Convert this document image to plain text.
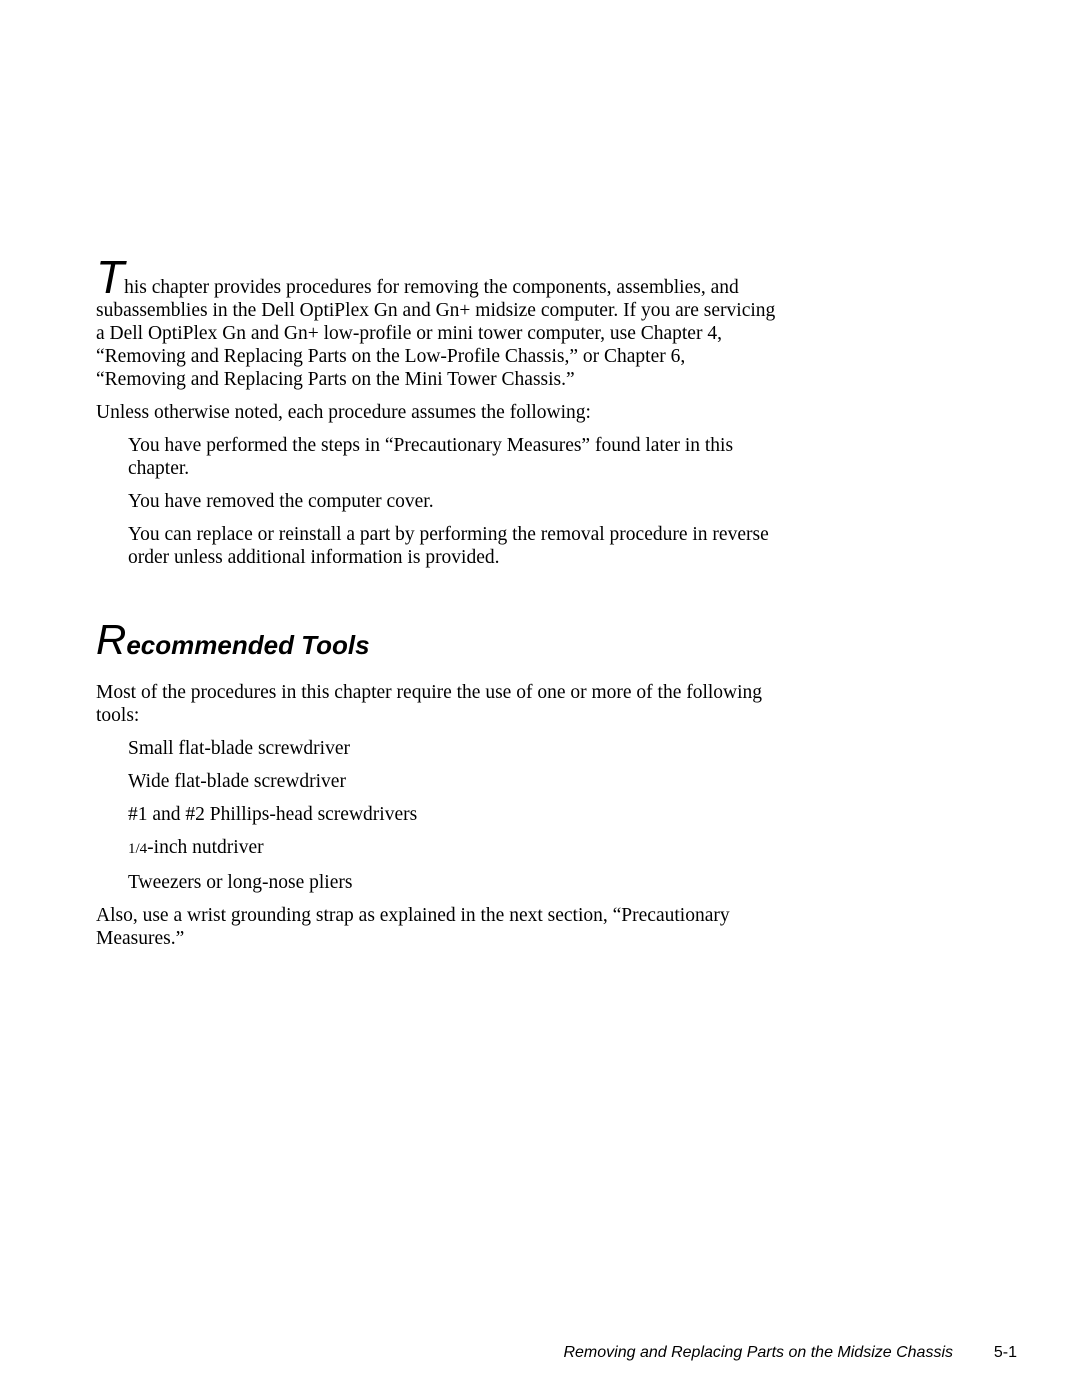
This chapter provides procedures for removing the components, assemblies, and subassemblies in the Dell OptiPlex Gn and Gn+ midsize computer. If you are servicing a Dell OptiPlex Gn and Gn+ low-profile or mini tower computer, use Chapter 4, “Removing and Replacing Parts on the Low-Profile Chassis,” or Chapter 6, “Removing and Replacing Parts on the Mini Tower Chassis.”

Unless otherwise noted, each procedure assumes the following:

You have performed the steps in “Precautionary Measures” found later in this chapter.

You have removed the computer cover.

You can replace or reinstall a part by performing the removal procedure in reverse order unless additional information is provided.

Recommended Tools

Most of the procedures in this chapter require the use of one or more of the following tools:

Small flat-blade screwdriver

Wide flat-blade screwdriver

#1 and #2 Phillips-head screwdrivers

1/4-inch nutdriver

Tweezers or long-nose pliers

Also, use a wrist grounding strap as explained in the next section, “Precautionary Measures.”

Removing and Replacing Parts on the Midsize Chassis	5-1
